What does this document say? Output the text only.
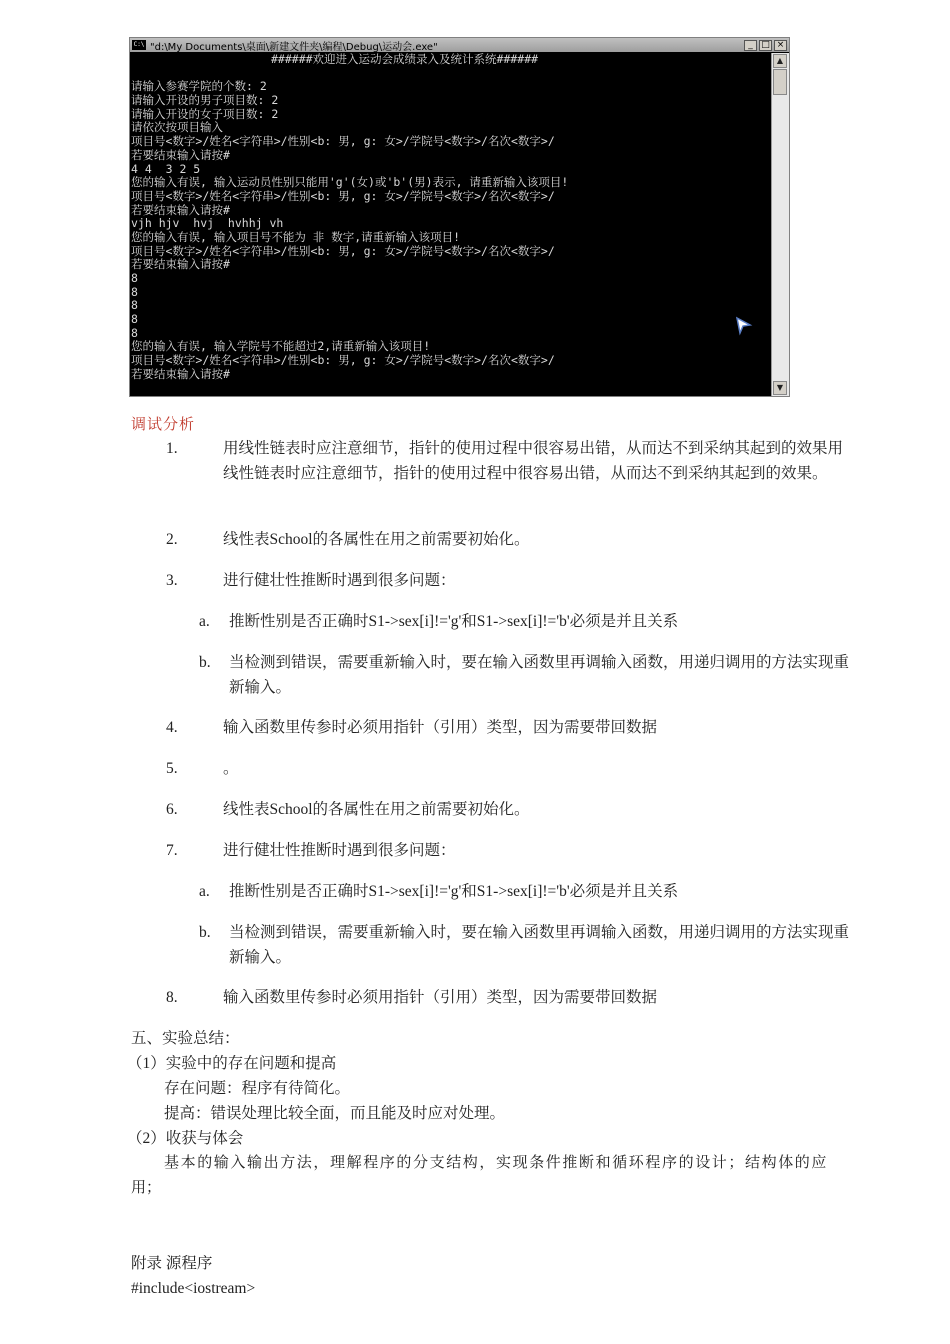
C:\ "d:\My Documents\桌面\新建文件夹\编程\Debug\运动会.exe"	_ □ ×
######欢迎进入运动会成绩录入及统计系统######
请输入参赛学院的个数: 2
请输入开设的男子项目数: 2
请输入开设的女子项目数: 2
请依次按项目输入
项目号<数字>/姓名<字符串>/性别<b: 男, g: 女>/学院号<数字>/名次<数字>/
若要结束输入请按#
4 4  3 2 5
您的输入有误, 输入运动员性别只能用'g'(女)或'b'(男)表示, 请重新输入该项目!
项目号<数字>/姓名<字符串>/性别<b: 男, g: 女>/学院号<数字>/名次<数字>/
若要结束输入请按#
vjh hjv  hvj  hvhhj vh
您的输入有误, 输入项目号不能为 非 数字,请重新输入该项目!
项目号<数字>/姓名<字符串>/性别<b: 男, g: 女>/学院号<数字>/名次<数字>/
若要结束输入请按#
8
8
8
8
8
您的输入有误, 输入学院号不能超过2,请重新输入该项目!
项目号<数字>/姓名<字符串>/性别<b: 男, g: 女>/学院号<数字>/名次<数字>/
若要结束输入请按#
▲
▼
调试分析
1.	用线性链表时应注意细节，指针的使用过程中很容易出错，从而达不到采纳其起到的效果用线性链表时应注意细节，指针的使用过程中很容易出错，从而达不到采纳其起到的效果。
2.	线性表School的各属性在用之前需要初始化。
3.	进行健壮性推断时遇到很多问题：
a.	推断性别是否正确时S1->sex[i]!='g'和S1->sex[i]!='b'必须是并且关系
b.	当检测到错误，需要重新输入时，要在输入函数里再调输入函数，用递归调用的方法实现重新输入。
4.	输入函数里传参时必须用指针（引用）类型，因为需要带回数据
5.	。
6.	线性表School的各属性在用之前需要初始化。
7.	进行健壮性推断时遇到很多问题：
a.	推断性别是否正确时S1->sex[i]!='g'和S1->sex[i]!='b'必须是并且关系
b.	当检测到错误，需要重新输入时，要在输入函数里再调输入函数，用递归调用的方法实现重新输入。
8.	输入函数里传参时必须用指针（引用）类型，因为需要带回数据
五、实验总结：
（1）实验中的存在问题和提高
存在问题：程序有待简化。
提高：错误处理比较全面，而且能及时应对处理。
（2）收获与体会
基本的输入输出方法，理解程序的分支结构，实现条件推断和循环程序的设计；结构体的应
用；
附录 源程序
#include<iostream>
